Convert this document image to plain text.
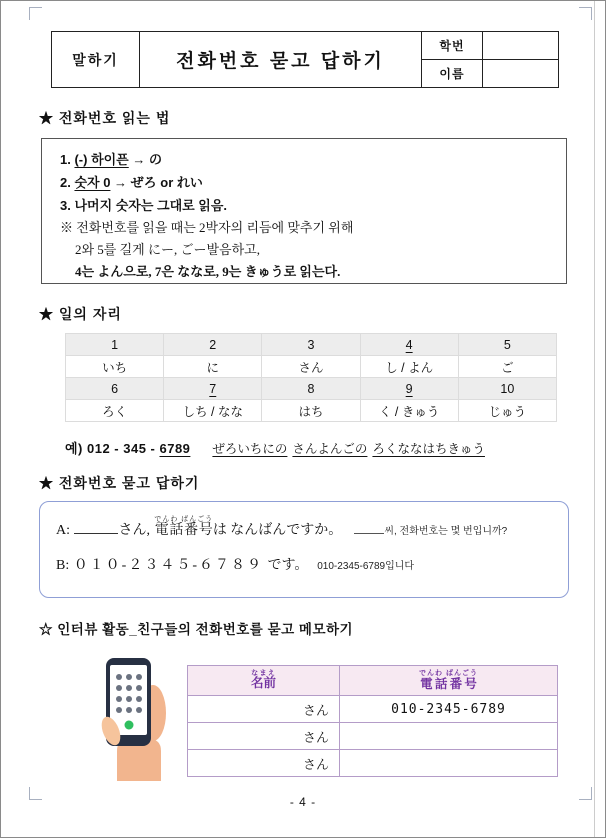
말하기	전화번호 묻고 답하기	학번	
		이름	
★ 전화번호 읽는 법
1. (-) 하이픈 → の
2. 숫자 0 → ぜろ or れい
3. 나머지 숫자는 그대로 읽음.
※ 전화번호를 읽을 때는 2박자의 리듬에 맞추기 위해
2와 5를 길게 にー, ごー발음하고,
4는 よん으로, 7은 なな로, 9는 きゅう로 읽는다.
★ 일의 자리
1	2	3	4	5
いち	に	さん	し / よん	ご
6	7	8	9	10
ろく	しち / なな	はち	く / きゅう	じゅう
예) 012 - 345 - 6789 ぜろいちにの さんよんごの ろくななはちきゅう
★ 전화번호 묻고 답하기
A:	さん, 電話番号でんわ ばんごうは なんばんですか。	씨, 전화번호는 몇 번입니까?
B: ０１０‐２３４５‐６７８９ です。 010-2345-6789입니다
☆ 인터뷰 활동_친구들의 전화번호를 묻고 메모하기
名前なまえ	電話番号でんわ ばんごう
さん	010-2345-6789
さん	
さん	
- 4 -
